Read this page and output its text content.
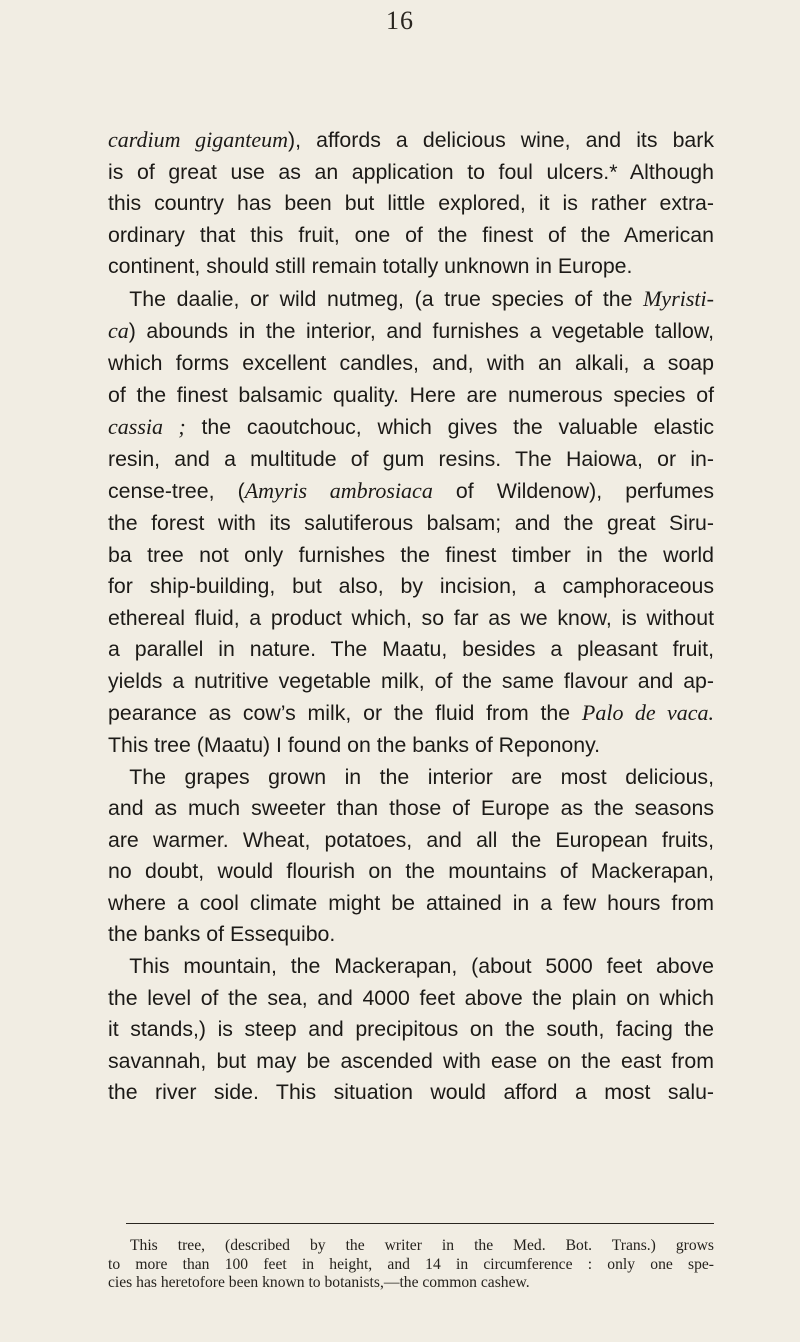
16
cardium giganteum), affords a delicious wine, and its bark
is of great use as an application to foul ulcers.* Although
this country has been but little explored, it is rather extra-
ordinary that this fruit, one of the finest of the American
continent, should still remain totally unknown in Europe.
 The daalie, or wild nutmeg, (a true species of the Myristi-
ca) abounds in the interior, and furnishes a vegetable tallow,
which forms excellent candles, and, with an alkali, a soap
of the finest balsamic quality. Here are numerous species of
cassia ; the caoutchouc, which gives the valuable elastic
resin, and a multitude of gum resins. The Haiowa, or in-
cense-tree, (Amyris ambrosiaca of Wildenow), perfumes
the forest with its salutiferous balsam; and the great Siru-
ba tree not only furnishes the finest timber in the world
for ship-building, but also, by incision, a camphoraceous
ethereal fluid, a product which, so far as we know, is without
a parallel in nature. The Maatu, besides a pleasant fruit,
yields a nutritive vegetable milk, of the same flavour and ap-
pearance as cow’s milk, or the fluid from the Palo de vaca.
This tree (Maatu) I found on the banks of Reponony.
 The grapes grown in the interior are most delicious,
and as much sweeter than those of Europe as the seasons
are warmer. Wheat, potatoes, and all the European fruits,
no doubt, would flourish on the mountains of Mackerapan,
where a cool climate might be attained in a few hours from
the banks of Essequibo.
 This mountain, the Mackerapan, (about 5000 feet above
the level of the sea, and 4000 feet above the plain on which
it stands,) is steep and precipitous on the south, facing the
savannah, but may be ascended with ease on the east from
the river side. This situation would afford a most salu-
This tree, (described by the writer in the Med. Bot. Trans.) grows
to more than 100 feet in height, and 14 in circumference : only one spe-
cies has heretofore been known to botanists,—the common cashew.
